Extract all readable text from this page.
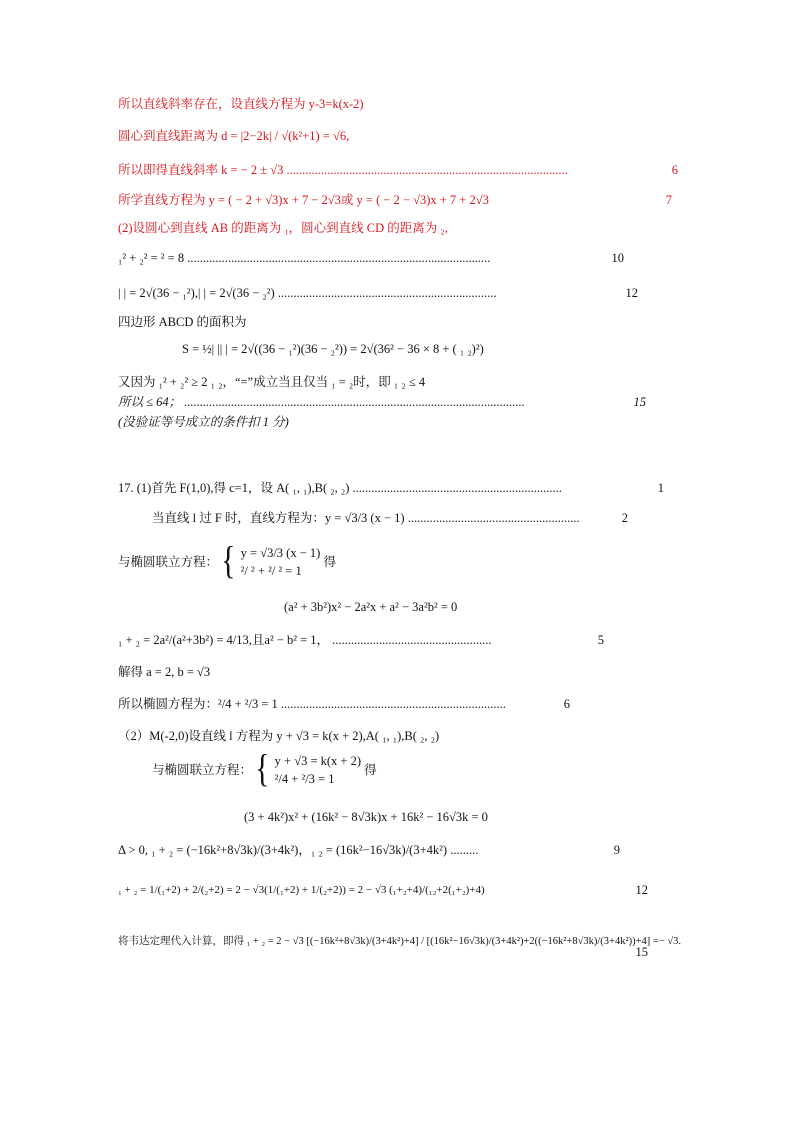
所以直线斜率存在，设直线方程为 y-3=k(x-2)
圆心到直线距离为 d = |2−2k| / √(k²+1) = √6,
所以即得直线斜率 k = − 2 ± √3 ..........................................................................................	6
所学直线方程为 y = ( − 2 + √3)x + 7 − 2√3或 y = ( − 2 − √3)x + 7 + 2√3	7
(2)设圆心到直线 AB 的距离为 ₁，圆心到直线 CD 的距离为 ₂,
₁² + ₂² = ² = 8 .................................................................................................	10
| | = 2√(36 − ₁²),| | = 2√(36 − ₂²) ......................................................................	12
四边形 ABCD 的面积为
S = ½| || | = 2√((36 − ₁²)(36 − ₂²)) = 2√(36² − 36 × 8 + ( ₁ ₂)²)
又因为 ₁² + ₂² ≥ 2 ₁ ₂，“=”成立当且仅当 ₁ = ₂时，即 ₁ ₂ ≤ 4
所以 ≤ 64； .............................................................................................................	15
(没验证等号成立的条件扣 1 分)
17. (1)首先 F(1,0),得 c=1，设 A( ₁, ₁),B( ₂, ₂) ...................................................................	1
当直线 l 过 F 时，直线方程为：y = √3/3 (x − 1) .......................................................	2
与椭圆联立方程： { y = √3/3 (x − 1)
²/ ² + ²/ ² = 1
得
(a² + 3b²)x² − 2a²x + a² − 3a²b² = 0
₁ + ₂ = 2a²/(a²+3b²) = 4/13,且a² − b² = 1， ...................................................	5
解得 a = 2, b = √3
所以椭圆方程为：²/4 + ²/3 = 1 ........................................................................	6
（2）M(-2,0)设直线 l 方程为 y + √3 = k(x + 2),A( ₁, ₁),B( ₂, ₂)
与椭圆联立方程： { y + √3 = k(x + 2)
²/4 + ²/3 = 1
得
(3 + 4k²)x² + (16k² − 8√3k)x + 16k² − 16√3k = 0
Δ > 0, ₁ + ₂ = (−16k²+8√3k)/(3+4k²)，₁ ₂ = (16k²−16√3k)/(3+4k²) .........	9
₁ + ₂ = 1/(₁+2) + 2/(₂+2) = 2 − √3(1/(₁+2) + 1/(₂+2)) = 2 − √3 (₁+₂+4)/(₁₂+2(₁+₂)+4)	12
将韦达定理代入计算，即得 ₁ + ₂ = 2 − √3 [(−16k²+8√3k)/(3+4k²)+4] / [(16k²−16√3k)/(3+4k²)+2((−16k²+8√3k)/(3+4k²))+4] =− √3.
15
